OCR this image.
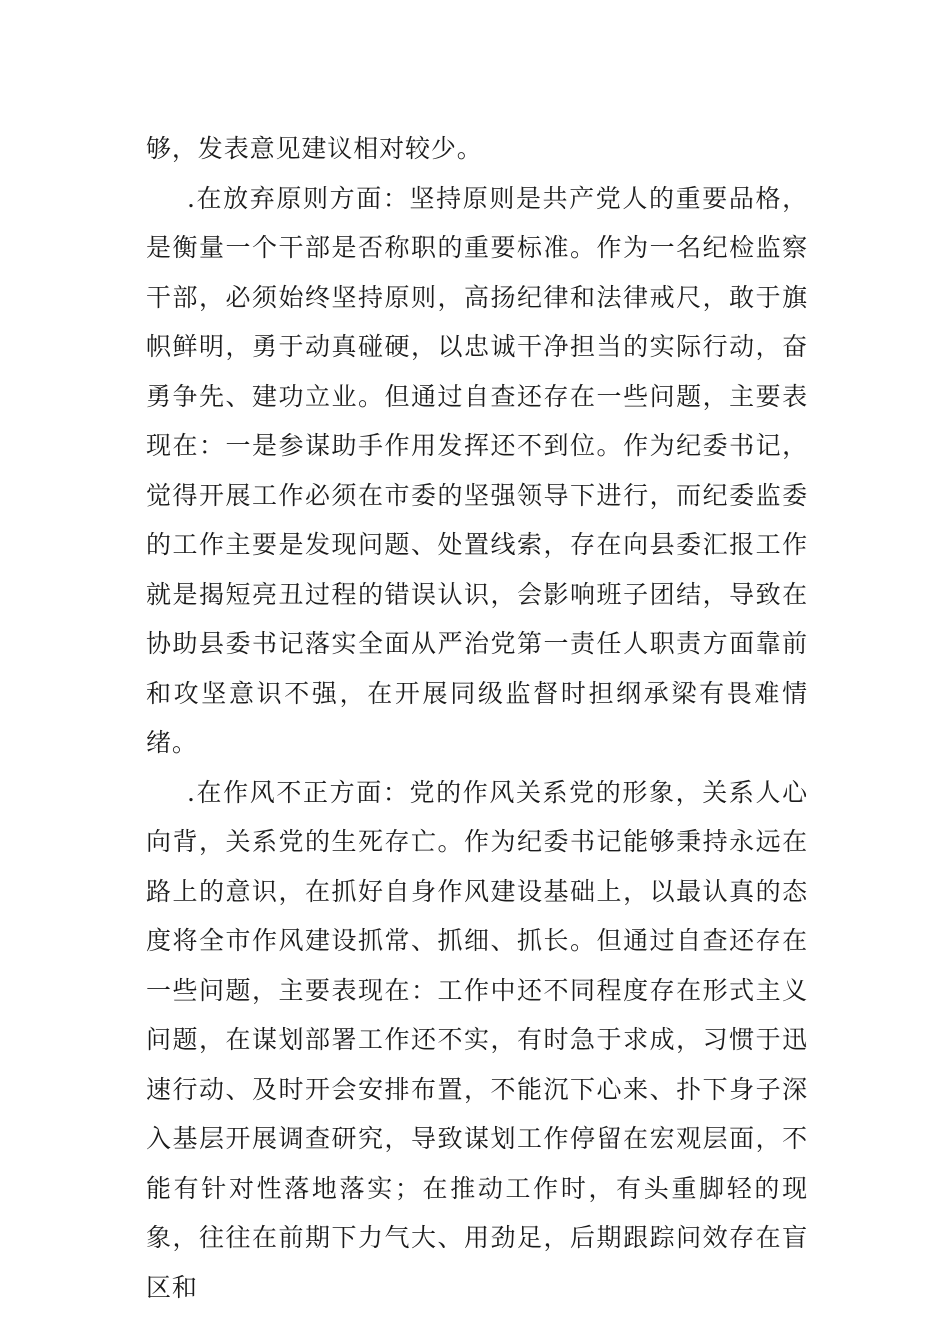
够，发表意见建议相对较少。

.在放弃原则方面：坚持原则是共产党人的重要品格，是衡量一个干部是否称职的重要标准。作为一名纪检监察干部，必须始终坚持原则，高扬纪律和法律戒尺，敢于旗帜鲜明，勇于动真碰硬，以忠诚干净担当的实际行动，奋勇争先、建功立业。但通过自查还存在一些问题，主要表现在：一是参谋助手作用发挥还不到位。作为纪委书记，觉得开展工作必须在市委的坚强领导下进行，而纪委监委的工作主要是发现问题、处置线索，存在向县委汇报工作就是揭短亮丑过程的错误认识，会影响班子团结，导致在协助县委书记落实全面从严治党第一责任人职责方面靠前和攻坚意识不强，在开展同级监督时担纲承梁有畏难情绪。

.在作风不正方面：党的作风关系党的形象，关系人心向背，关系党的生死存亡。作为纪委书记能够秉持永远在路上的意识，在抓好自身作风建设基础上，以最认真的态度将全市作风建设抓常、抓细、抓长。但通过自查还存在一些问题，主要表现在：工作中还不同程度存在形式主义问题，在谋划部署工作还不实，有时急于求成，习惯于迅速行动、及时开会安排布置，不能沉下心来、扑下身子深入基层开展调查研究，导致谋划工作停留在宏观层面，不能有针对性落地落实；在推动工作时，有头重脚轻的现象，往往在前期下力气大、用劲足，后期跟踪问效存在盲区和
